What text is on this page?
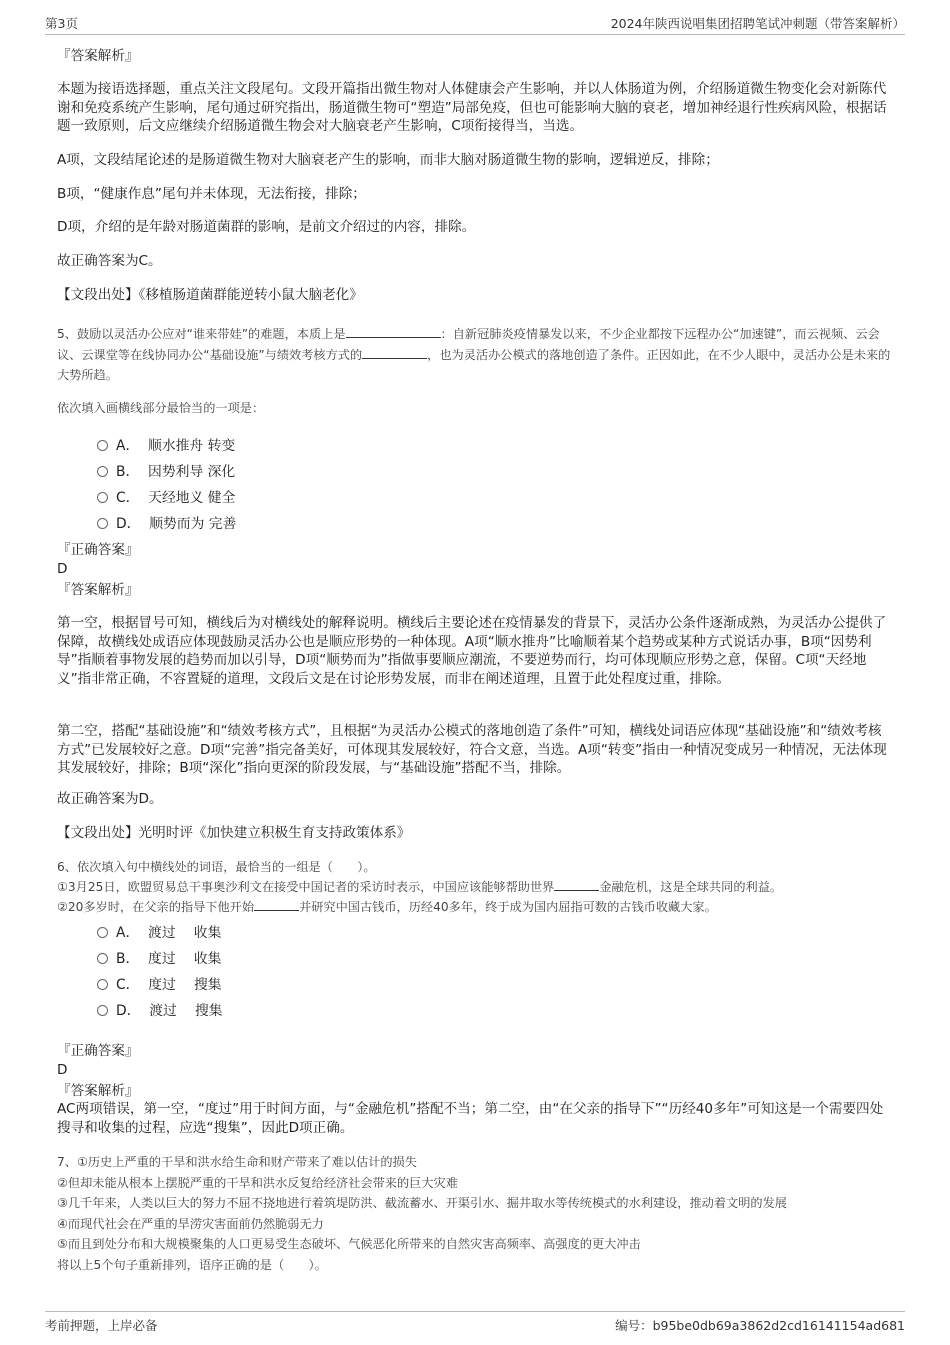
第3页	2024年陕西说唱集团招聘笔试冲刺题（带答案解析）
『答案解析』

本题为接语选择题，重点关注文段尾句。文段开篇指出微生物对人体健康会产生影响，并以人体肠道为例，介绍肠道微生物变化会对新陈代谢和免疫系统产生影响，尾句通过研究指出，肠道微生物可“塑造”局部免疫，但也可能影响大脑的衰老，增加神经退行性疾病风险，根据话题一致原则，后文应继续介绍肠道微生物会对大脑衰老产生影响，C项衔接得当，当选。

A项，文段结尾论述的是肠道微生物对大脑衰老产生的影响，而非大脑对肠道微生物的影响，逻辑逆反，排除；

B项，“健康作息”尾句并未体现，无法衔接，排除；

D项，介绍的是年龄对肠道菌群的影响，是前文介绍过的内容，排除。

故正确答案为C。

【文段出处】《移植肠道菌群能逆转小鼠大脑老化》

5、鼓励以灵活办公应对“谁来带娃”的难题，本质上是	：自新冠肺炎疫情暴发以来，不少企业都按下远程办公“加速键”，而云视频、云会议、云课堂等在线协同办公“基础设施”与绩效考核方式的	，也为灵活办公模式的落地创造了条件。正因如此，在不少人眼中，灵活办公是未来的大势所趋。

依次填入画横线部分最恰当的一项是：

A． 顺水推舟 转变
B． 因势利导 深化
C． 天经地义 健全
D． 顺势而为 完善
『正确答案』
D
『答案解析』

第一空，根据冒号可知，横线后为对横线处的解释说明。横线后主要论述在疫情暴发的背景下，灵活办公条件逐渐成熟，为灵活办公提供了保障，故横线处成语应体现鼓励灵活办公也是顺应形势的一种体现。A项“顺水推舟”比喻顺着某个趋势或某种方式说话办事，B项“因势利导”指顺着事物发展的趋势而加以引导，D项“顺势而为”指做事要顺应潮流，不要逆势而行，均可体现顺应形势之意，保留。C项“天经地义”指非常正确，不容置疑的道理，文段后文是在讨论形势发展，而非在阐述道理，且置于此处程度过重，排除。

第二空，搭配“基础设施”和“绩效考核方式”，且根据“为灵活办公模式的落地创造了条件”可知，横线处词语应体现“基础设施”和“绩效考核方式”已发展较好之意。D项“完善”指完备美好，可体现其发展较好，符合文意，当选。A项“转变”指由一种情况变成另一种情况，无法体现其发展较好，排除；B项“深化”指向更深的阶段发展，与“基础设施”搭配不当，排除。

故正确答案为D。

【文段出处】光明时评《加快建立积极生育支持政策体系》

6、依次填入句中横线处的词语，最恰当的一组是（　　）。

①3月25日，欧盟贸易总干事奥沙利文在接受中国记者的采访时表示，中国应该能够帮助世界	金融危机，这是全球共同的利益。

②20多岁时，在父亲的指导下他开始	并研究中国古钱币，历经40多年，终于成为国内屈指可数的古钱币收藏大家。

A． 渡过　 收集
B． 度过　 收集
C． 度过　 搜集
D． 渡过　 搜集
『正确答案』
D
『答案解析』

AC两项错误，第一空，“度过”用于时间方面，与“金融危机”搭配不当；第二空，由“在父亲的指导下”“历经40多年”可知这是一个需要四处搜寻和收集的过程，应选“搜集”，因此D项正确。

7、①历史上严重的干旱和洪水给生命和财产带来了难以估计的损失
②但却未能从根本上摆脱严重的干旱和洪水反复给经济社会带来的巨大灾难
③几千年来，人类以巨大的努力不屈不挠地进行着筑堤防洪、截流蓄水、开渠引水、掘井取水等传统模式的水利建设，推动着文明的发展
④而现代社会在严重的旱涝灾害面前仍然脆弱无力
⑤而且到处分布和大规模聚集的人口更易受生态破坏、气候恶化所带来的自然灾害高频率、高强度的更大冲击
将以上5个句子重新排列，语序正确的是（　　）。
考前押题，上岸必备	编号：b95be0db69a3862d2cd16141154ad681
